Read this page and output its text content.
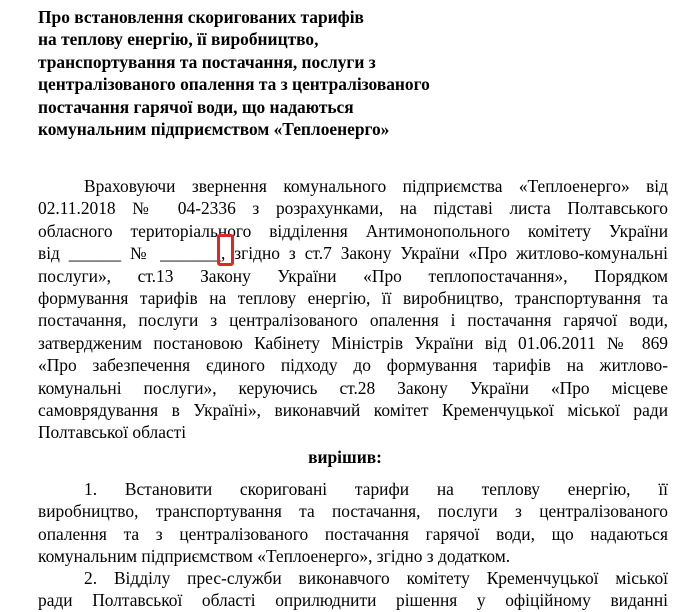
Про встановлення скоригованих тарифів
на теплову енергію, її виробництво,
транспортування та постачання, послуги з
централізованого опалення та з централізованого
постачання гарячої води, що надаються
комунальним підприємством «Теплоенерго»
Враховуючи звернення комунального підприємства «Теплоенерго» від
02.11.2018 № 04-2336 з розрахунками, на підставі листа Полтавського
обласного територіального відділення Антимонопольного комітету України
від ______ № _______, згідно з ст.7 Закону України «Про житлово-комунальні
послуги», ст.13 Закону України «Про теплопостачання», Порядком
формування тарифів на теплову енергію, її виробництво, транспортування та
постачання, послуги з централізованого опалення і постачання гарячої води,
затвердженим постановою Кабінету Міністрів України від 01.06.2011 № 869
«Про забезпечення єдиного підходу до формування тарифів на житлово-
комунальні послуги», керуючись ст.28 Закону України «Про місцеве
самоврядування в Україні», виконавчий комітет Кременчуцької міської ради
Полтавської області
вирішив:
1. Встановити скориговані тарифи на теплову енергію, її
виробництво, транспортування та постачання, послуги з централізованого
опалення та з централізованого постачання гарячої води, що надаються
комунальним підприємством «Теплоенерго», згідно з додатком.
2. Відділу прес-служби виконавчого комітету Кременчуцької міської
ради Полтавської області оприлюднити рішення у офіційному виданні
